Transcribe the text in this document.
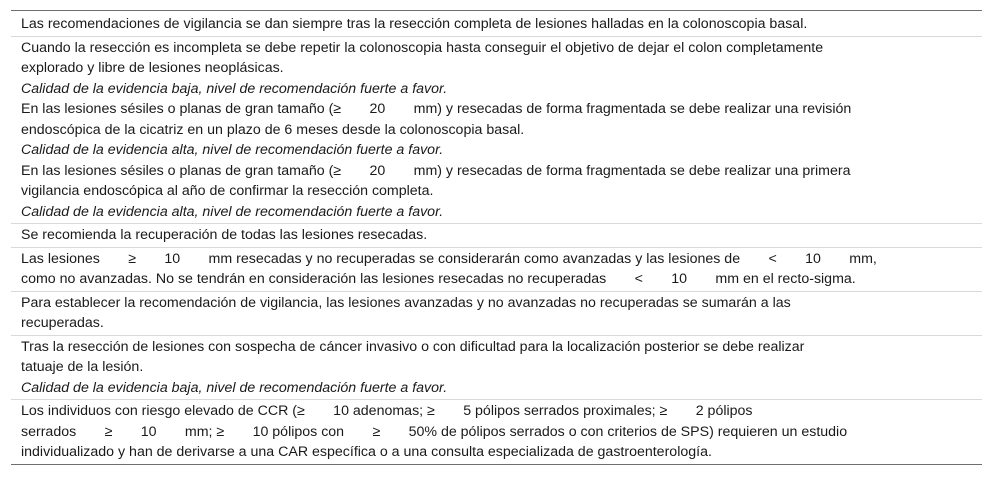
Las recomendaciones de vigilancia se dan siempre tras la resección completa de lesiones halladas en la colonoscopia basal.
Cuando la resección es incompleta se debe repetir la colonoscopia hasta conseguir el objetivo de dejar el colon completamente
explorado y libre de lesiones neoplásicas.
Calidad de la evidencia baja, nivel de recomendación fuerte a favor.
En las lesiones sésiles o planas de gran tamaño (≥  20  mm) y resecadas de forma fragmentada se debe realizar una revisión
endoscópica de la cicatriz en un plazo de 6 meses desde la colonoscopia basal.
Calidad de la evidencia alta, nivel de recomendación fuerte a favor.
En las lesiones sésiles o planas de gran tamaño (≥  20  mm) y resecadas de forma fragmentada se debe realizar una primera
vigilancia endoscópica al año de confirmar la resección completa.
Calidad de la evidencia alta, nivel de recomendación fuerte a favor.
Se recomienda la recuperación de todas las lesiones resecadas.
Las lesiones  ≥  10  mm resecadas y no recuperadas se considerarán como avanzadas y las lesiones de  <  10  mm,
como no avanzadas. No se tendrán en consideración las lesiones resecadas no recuperadas  <  10  mm en el recto-sigma.
Para establecer la recomendación de vigilancia, las lesiones avanzadas y no avanzadas no recuperadas se sumarán a las
recuperadas.
Tras la resección de lesiones con sospecha de cáncer invasivo o con dificultad para la localización posterior se debe realizar
tatuaje de la lesión.
Calidad de la evidencia baja, nivel de recomendación fuerte a favor.
Los individuos con riesgo elevado de CCR (≥  10 adenomas; ≥  5 pólipos serrados proximales; ≥  2 pólipos
serrados  ≥  10  mm; ≥  10 pólipos con  ≥  50% de pólipos serrados o con criterios de SPS) requieren un estudio
individualizado y han de derivarse a una CAR específica o a una consulta especializada de gastroenterología.
